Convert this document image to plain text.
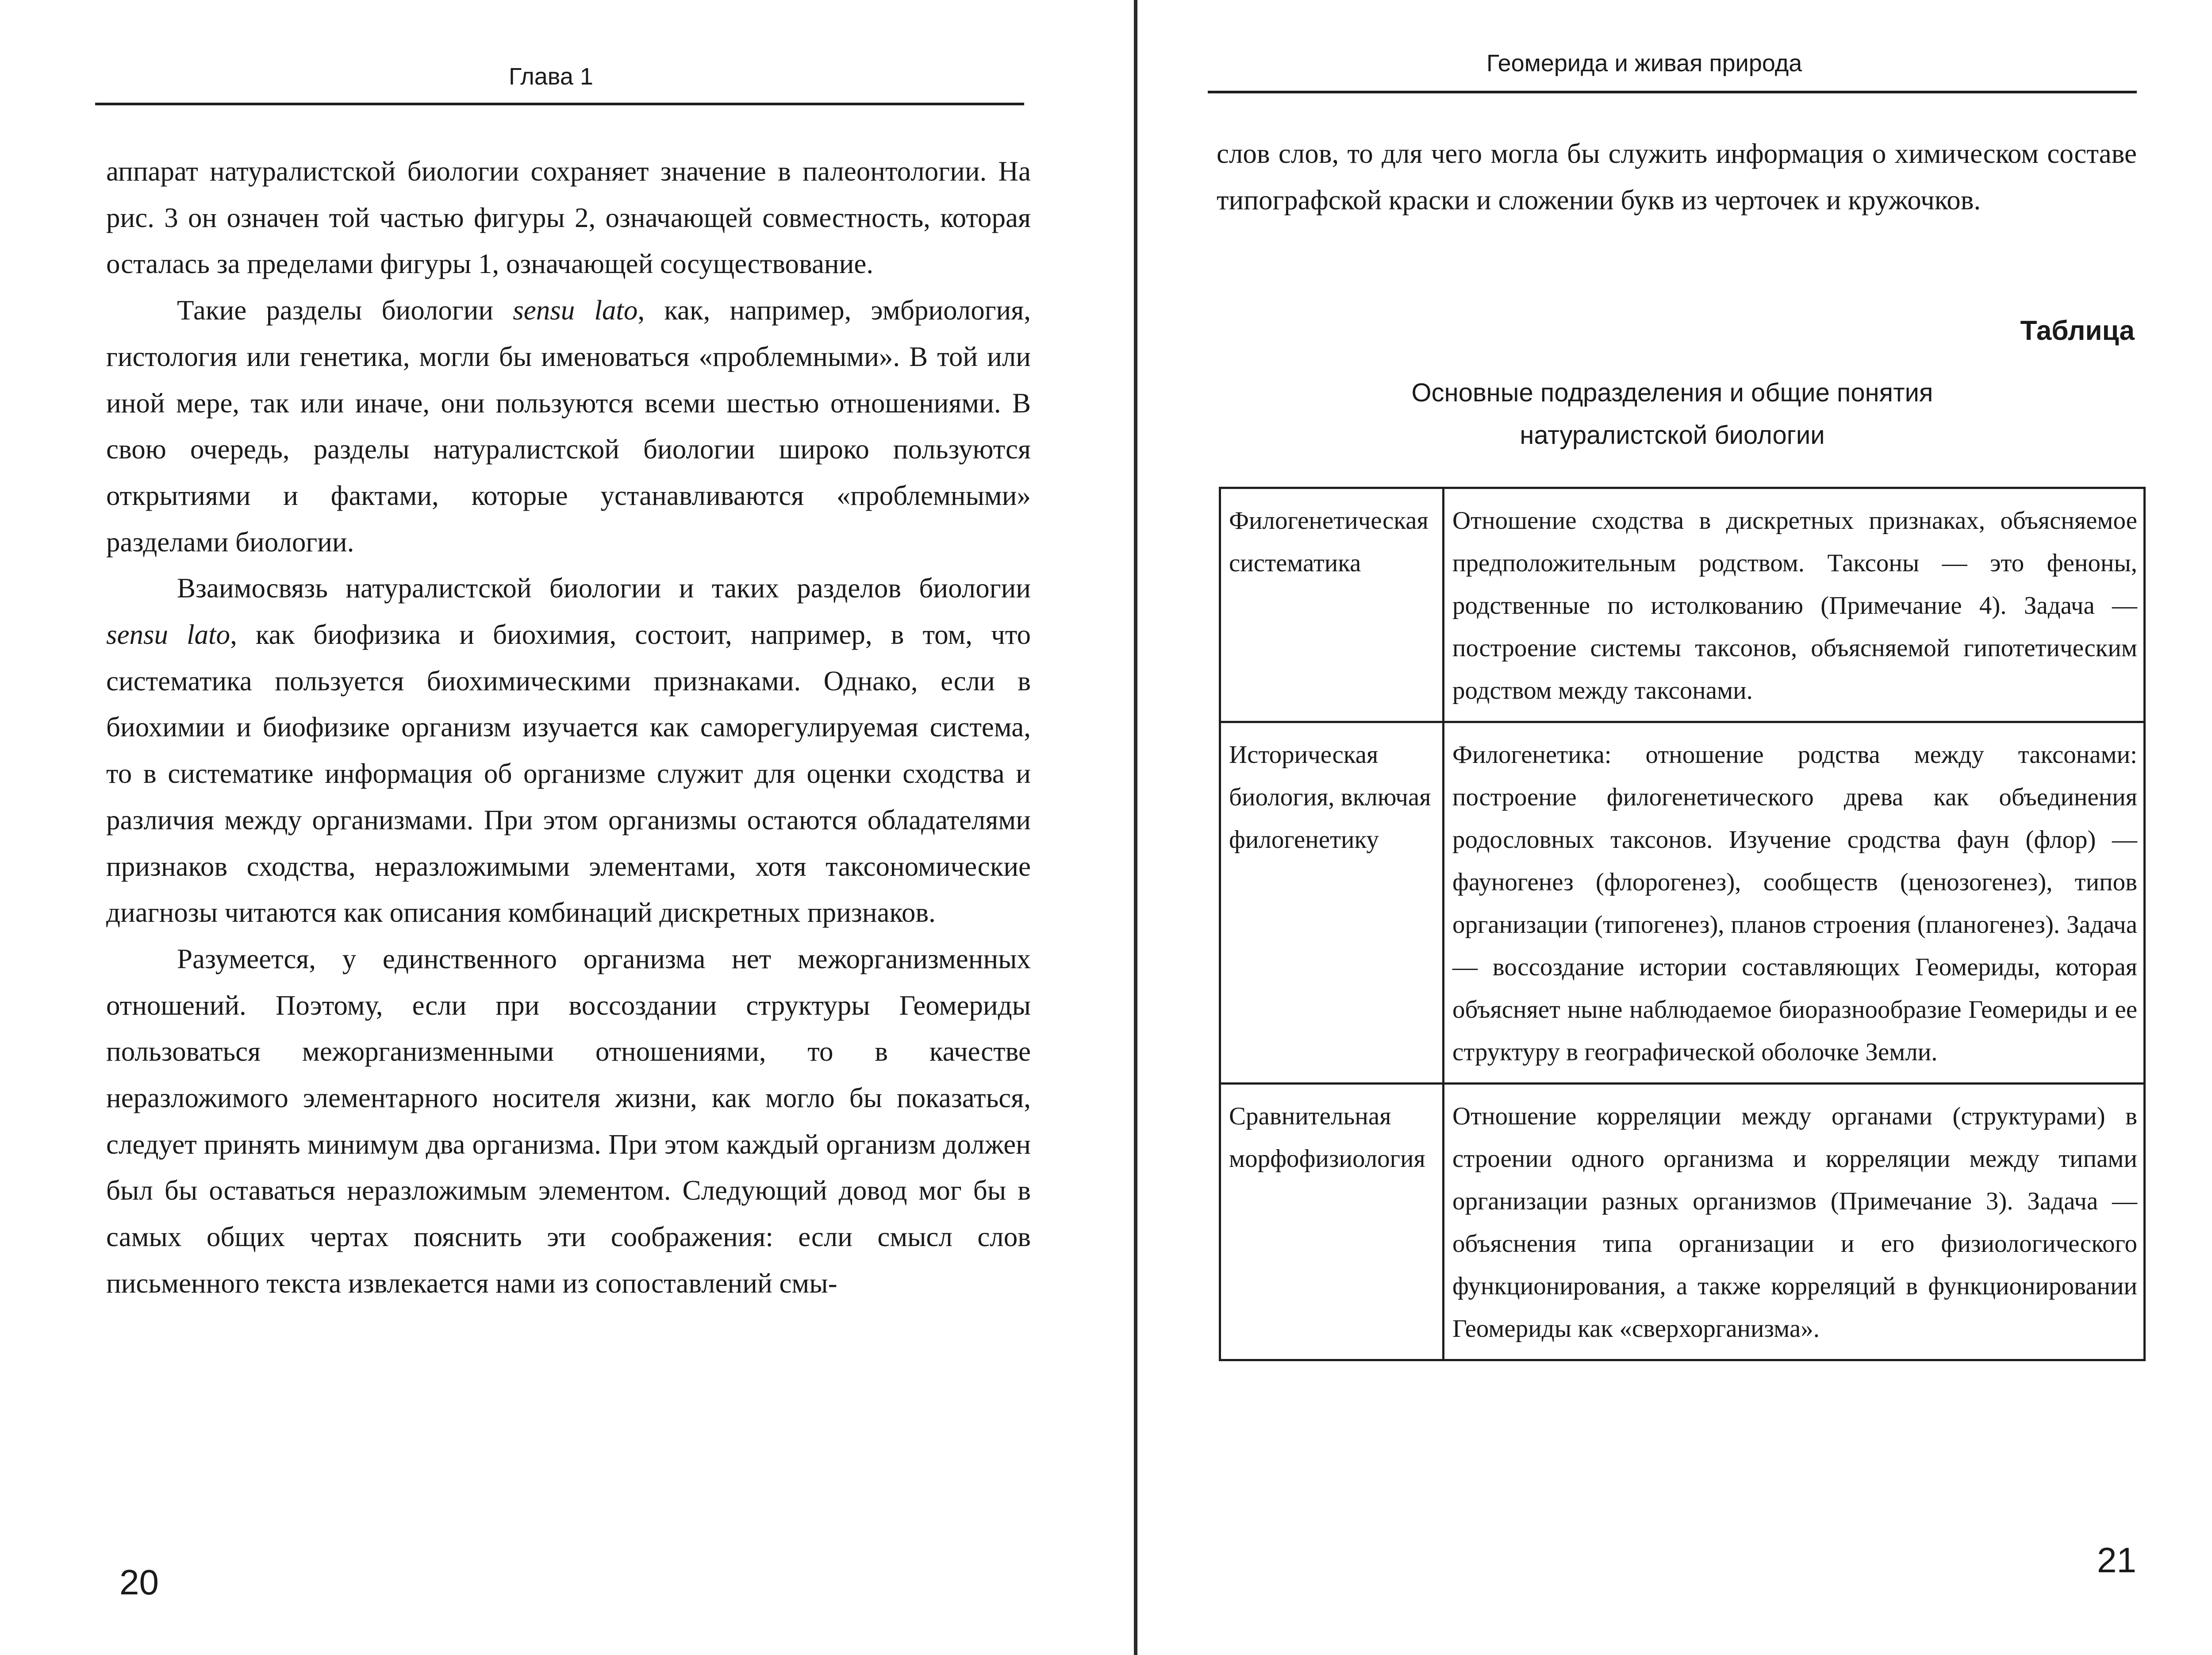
Глава 1

аппарат натуралистской биологии сохраняет значение в палеонтологии. На рис. 3 он означен той частью фигуры 2, означающей совместность, которая осталась за пределами фигуры 1, означающей сосуществование.

Такие разделы биологии sensu lato, как, например, эмбриология, гистология или генетика, могли бы именоваться «проблемными». В той или иной мере, так или иначе, они пользуются всеми шестью отношениями. В свою очередь, разделы натуралистской биологии широко пользуются открытиями и фактами, которые устанавливаются «проблемными» разделами биологии.

Взаимосвязь натуралистской биологии и таких разделов биологии sensu lato, как биофизика и биохимия, состоит, например, в том, что систематика пользуется биохимическими признаками. Однако, если в биохимии и биофизике организм изучается как саморегулируемая система, то в систематике информация об организме служит для оценки сходства и различия между организмами. При этом организмы остаются обладателями признаков сходства, неразложимыми элементами, хотя таксономические диагнозы читаются как описания комбинаций дискретных признаков.

Разумеется, у единственного организма нет межорганизменных отношений. Поэтому, если при воссоздании структуры Геомериды пользоваться межорганизменными отношениями, то в качестве неразложимого элементарного носителя жизни, как могло бы показаться, следует принять минимум два организма. При этом каждый организм должен был бы оставаться неразложимым элементом. Следующий довод мог бы в самых общих чертах пояснить эти соображения: если смысл слов письменного текста извлекается нами из сопоставлений смы-

20
Геомерида и живая природа

слов слов, то для чего могла бы служить информация о химическом составе типографской краски и сложении букв из черточек и кружочков.

Таблица
Основные подразделения и общие понятия
натуралистской биологии
Филогенетическая систематика	Отношение сходства в дискретных признаках, объясняемое предположительным родством. Таксоны — это феноны, родственные по истолкованию (Примечание 4). Задача — построение системы таксонов, объясняемой гипотетическим родством между таксонами.
Историческая биология, включая филогенетику	Филогенетика: отношение родства между таксонами: построение филогенетического древа как объединения родословных таксонов. Изучение сродства фаун (флор) — фауногенез (флорогенез), сообществ (ценозогенез), типов организации (типогенез), планов строения (планогенез). Задача — воссоздание истории составляющих Геомериды, которая объясняет ныне наблюдаемое биоразнообразие Геомериды и ее структуру в географической оболочке Земли.
Сравнительная морфофизиология	Отношение корреляции между органами (структурами) в строении одного организма и корреляции между типами организации разных организмов (Примечание 3). Задача — объяснения типа организации и его физиологического функционирования, а также корреляций в функционировании Геомериды как «сверхорганизма».
21
